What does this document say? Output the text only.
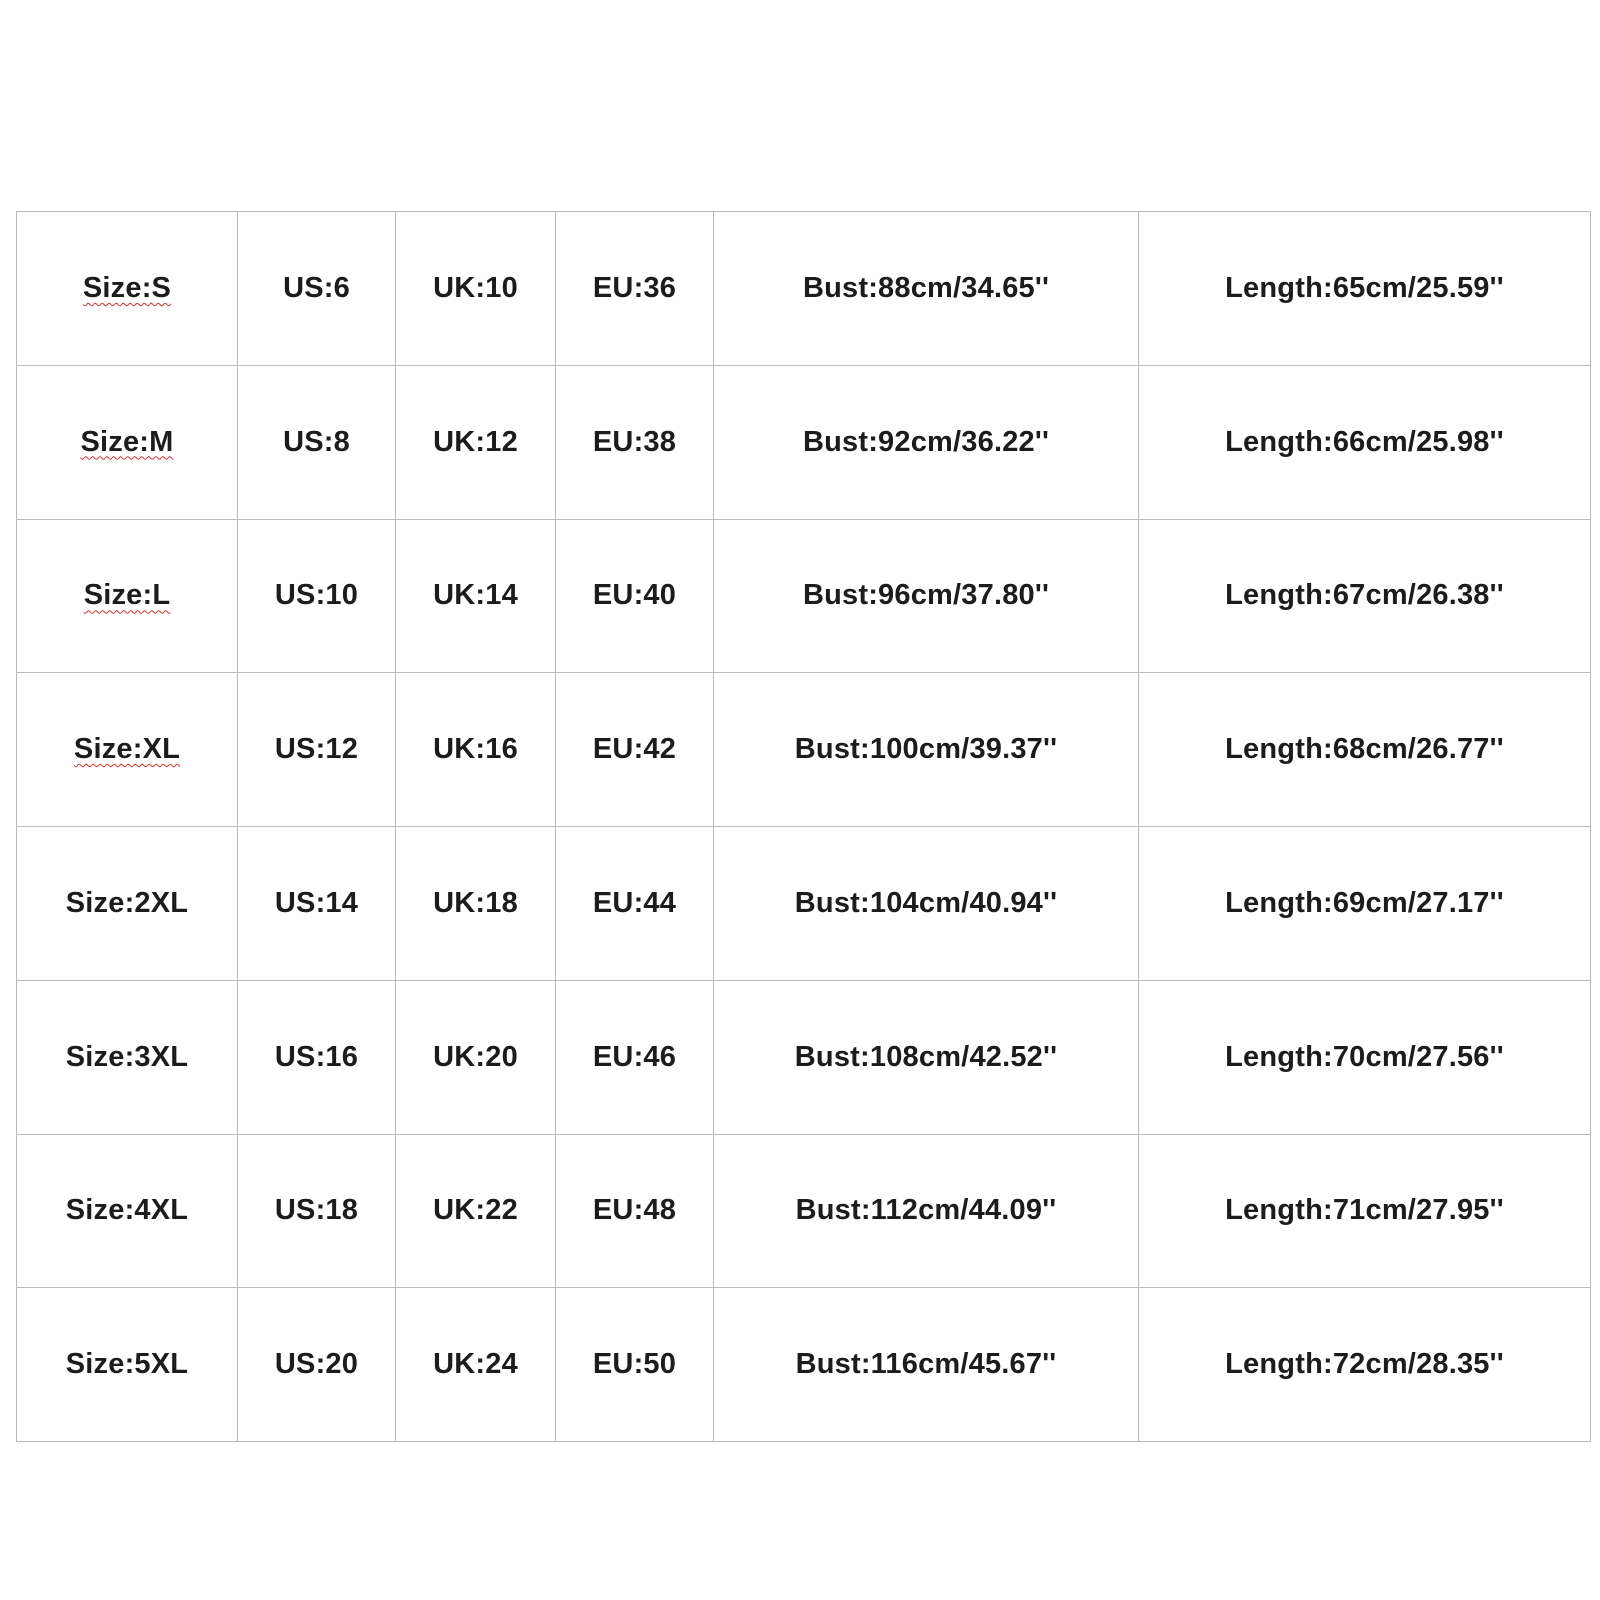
Size:S	US:6	UK:10	EU:36	Bust:88cm/34.65''	Length:65cm/25.59''
Size:M	US:8	UK:12	EU:38	Bust:92cm/36.22''	Length:66cm/25.98''
Size:L	US:10	UK:14	EU:40	Bust:96cm/37.80''	Length:67cm/26.38''
Size:XL	US:12	UK:16	EU:42	Bust:100cm/39.37''	Length:68cm/26.77''
Size:2XL	US:14	UK:18	EU:44	Bust:104cm/40.94''	Length:69cm/27.17''
Size:3XL	US:16	UK:20	EU:46	Bust:108cm/42.52''	Length:70cm/27.56''
Size:4XL	US:18	UK:22	EU:48	Bust:112cm/44.09''	Length:71cm/27.95''
Size:5XL	US:20	UK:24	EU:50	Bust:116cm/45.67''	Length:72cm/28.35''
